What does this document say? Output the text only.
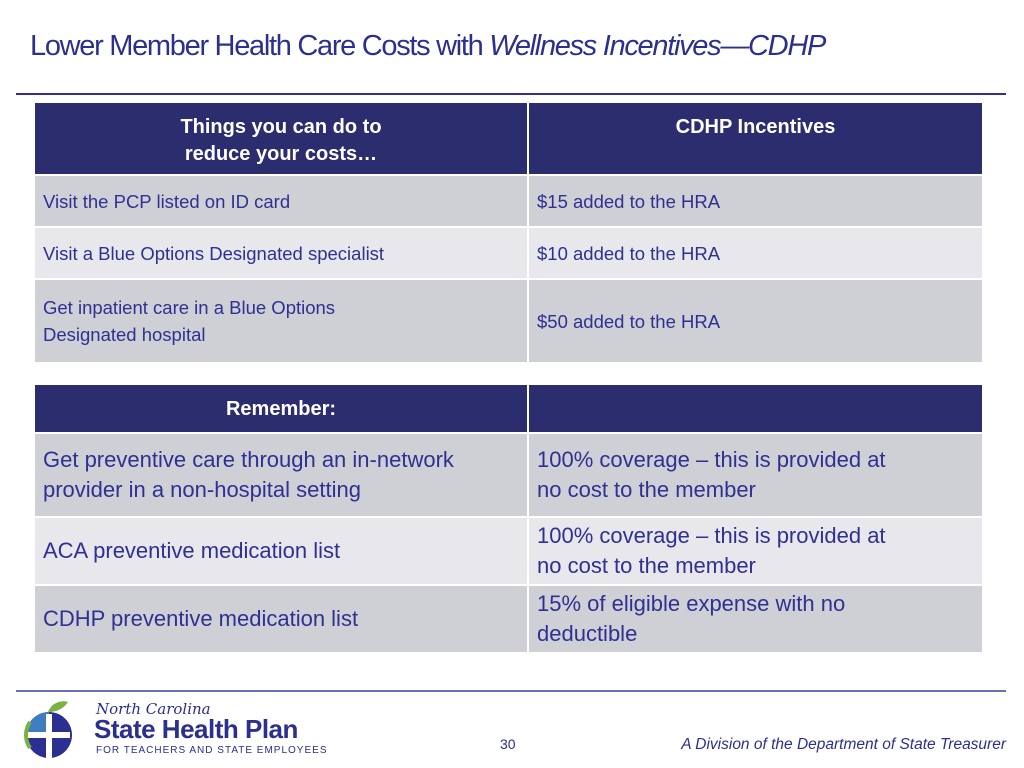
Lower Member Health Care Costs with Wellness Incentives—CDHP
Things you can do to
reduce your costs…	CDHP Incentives
Visit the PCP listed on ID card	$15 added to the HRA
Visit a Blue Options Designated specialist	$10 added to the HRA
Get inpatient care in a Blue Options
Designated hospital	$50 added to the HRA
Remember:	
Get preventive care through an in-network
provider in a non-hospital setting	100% coverage – this is provided at
no cost to the member
ACA preventive medication list	100% coverage – this is provided at
no cost to the member
CDHP preventive medication list	15% of eligible expense with no
deductible
North Carolina
State Health Plan
FOR TEACHERS AND STATE EMPLOYEES	30	A Division of the Department of State Treasurer
